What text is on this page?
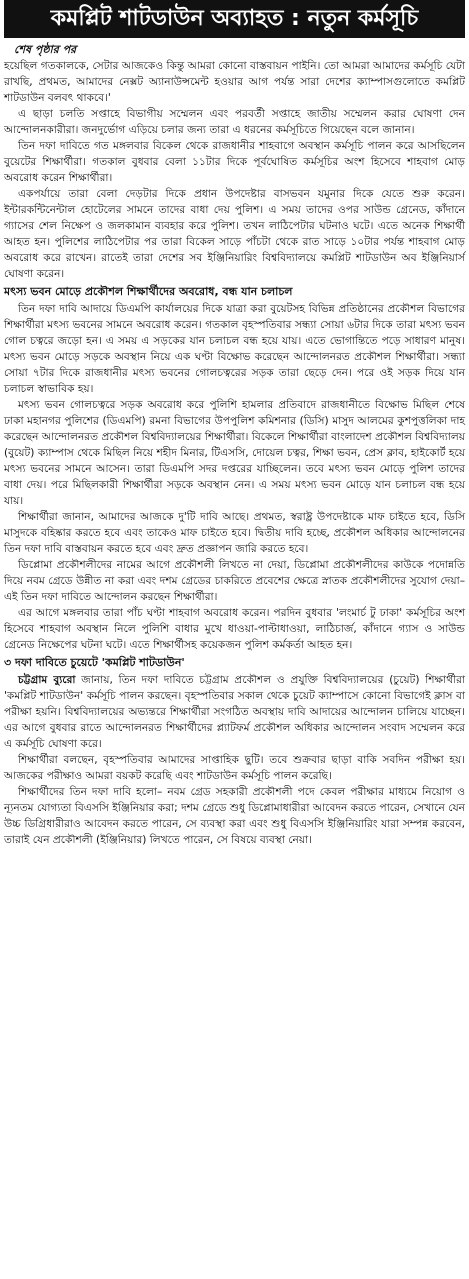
কমপ্লিট শাটডাউন অব্যাহত : নতুন কর্মসূচি
শেষ পৃষ্ঠার পর

হয়েছিল গতকালকে, সেটার আজকেও কিন্তু আমরা কোনো বাস্তবায়ন পাইনি। তো আমরা আমাদের কর্মসূচি যেটা রাখছি, প্রথমত, আমাদের নেক্সট অ্যানাউন্সমেন্ট হওয়ার আগ পর্যন্ত সারা দেশের ক্যাম্পাসগুলোতে কমপ্লিট শাটডাউন বলবৎ থাকবে।'

এ ছাড়া চলতি সপ্তাহে বিভাগীয় সম্মেলন এবং পরবর্তী সপ্তাহে জাতীয় সম্মেলন করার ঘোষণা দেন আন্দোলনকারীরা। জনদুর্ভোগ এড়িয়ে চলার জন্য তারা এ ধরনের কর্মসূচিতে গিয়েছেন বলে জানান।

তিন দফা দাবিতে গত মঙ্গলবার বিকেল থেকে রাজধানীর শাহবাগে অবস্থান কর্মসূচি পালন করে আসছিলেন বুয়েটের শিক্ষার্থীরা। গতকাল বুধবার বেলা ১১টার দিকে পূর্বঘোষিত কর্মসূচির অংশ হিসেবে শাহবাগ মোড় অবরোধ করেন শিক্ষার্থীরা।

একপর্যায়ে তারা বেলা দেড়টার দিকে প্রধান উপদেষ্টার বাসভবন যমুনার দিকে যেতে শুরু করেন। ইন্টারকন্টিনেন্টাল হোটেলের সামনে তাদের বাধা দেয় পুলিশ। এ সময় তাদের ওপর সাউন্ড গ্রেনেড, কাঁদানে গ্যাসের শেল নিক্ষেপ ও জলকামান ব্যবহার করে পুলিশ। তখন লাঠিপেটার ঘটনাও ঘটে। এতে অনেক শিক্ষার্থী আহত হন। পুলিশের লাঠিপেটার পর তারা বিকেল সাড়ে পাঁচটা থেকে রাত সাড়ে ১০টার পর্যন্ত শাহবাগ মোড় অবরোধ করে রাখেন। রাতেই তারা দেশের সব ইঞ্জিনিয়ারিং বিশ্ববিদ্যালয়ে কমপ্লিট শাটডাউন অব ইঞ্জিনিয়ার্স ঘোষণা করেন।

মৎস্য ভবন মোড়ে প্রকৌশল শিক্ষার্থীদের অবরোধ, বন্ধ যান চলাচল

তিন দফা দাবি আদায়ে ডিএমপি কার্যালয়ের দিকে যাত্রা করা বুয়েটসহ বিভিন্ন প্রতিষ্ঠানের প্রকৌশল বিভাগের শিক্ষার্থীরা মৎস্য ভবনের সামনে অবরোধ করেন। গতকাল বৃহস্পতিবার সন্ধ্যা সোয়া ৬টার দিকে তারা মৎস্য ভবন গোল চত্বরে জড়ো হন। এ সময় এ সড়কের যান চলাচল বন্ধ হয়ে যায়। এতে ভোগান্তিতে পড়ে সাধারণ মানুষ। মৎস্য ভবন মোড়ে সড়কে অবস্থান নিয়ে এক ঘণ্টা বিক্ষোভ করেছেন আন্দোলনরত প্রকৌশল শিক্ষার্থীরা। সন্ধ্যা সোয়া ৭টার দিকে রাজধানীর মৎস্য ভবনের গোলচত্বরের সড়ক তারা ছেড়ে দেন। পরে ওই সড়ক দিয়ে যান চলাচল স্বাভাবিক হয়।

মৎস্য ভবন গোলচত্বরে সড়ক অবরোধ করে পুলিশি হামলার প্রতিবাদে রাজধানীতে বিক্ষোভ মিছিল শেষে ঢাকা মহানগর পুলিশের (ডিএমপি) রমনা বিভাগের উপপুলিশ কমিশনার (ডিসি) মাসুদ আলমের কুশপুত্তলিকা দাহ করেছেন আন্দোলনরত প্রকৌশল বিশ্ববিদ্যালয়ের শিক্ষার্থীরা। বিকেলে শিক্ষার্থীরা বাংলাদেশ প্রকৌশল বিশ্ববিদ্যালয় (বুয়েট) ক্যাম্পাস থেকে মিছিল নিয়ে শহীদ মিনার, টিএসসি, দোয়েল চত্বর, শিক্ষা ভবন, প্রেস ক্লাব, হাইকোর্ট হয়ে মৎস্য ভবনের সামনে আসেন। তারা ডিএমপি সদর দপ্তরের যাচ্ছিলেন। তবে মৎস্য ভবন মোড়ে পুলিশ তাদের বাধা দেয়। পরে মিছিলকারী শিক্ষার্থীরা সড়কে অবস্থান নেন। এ সময় মৎস্য ভবন মোড়ে যান চলাচল বন্ধ হয়ে যায়।

শিক্ষার্থীরা জানান, আমাদের আজকে দু'টি দাবি আছে। প্রথমত, স্বরাষ্ট্র উপদেষ্টাকে মাফ চাইতে হবে, ডিসি মাসুদকে বহিষ্কার করতে হবে এবং তাকেও মাফ চাইতে হবে। দ্বিতীয় দাবি হচ্ছে, প্রকৌশল অধিকার আন্দোলনের তিন দফা দাবি বাস্তবায়ন করতে হবে এবং দ্রুত প্রজ্ঞাপন জারি করতে হবে।

ডিপ্লোমা প্রকৌশলীদের নামের আগে প্রকৌশলী লিখতে না দেয়া, ডিপ্লোমা প্রকৌশলীদের কাউকে পদোন্নতি দিয়ে নবম গ্রেডে উন্নীত না করা এবং দশম গ্রেডের চাকরিতে প্রবেশের ক্ষেত্রে স্নাতক প্রকৌশলীদের সুযোগ দেয়া– এই তিন দফা দাবিতে আন্দোলন করছেন শিক্ষার্থীরা।

এর আগে মঙ্গলবার তারা পাঁচ ঘণ্টা শাহবাগ অবরোধ করেন। পরদিন বুধবার 'লংমার্চ টু ঢাকা' কর্মসূচির অংশ হিসেবে শাহবাগ অবস্থান নিলে পুলিশি বাধার মুখে ধাওয়া-পাল্টাধাওয়া, লাঠিচার্জ, কাঁদানে গ্যাস ও সাউন্ড গ্রেনেড নিক্ষেপের ঘটনা ঘটে। এতে শিক্ষার্থীসহ কয়েকজন পুলিশ কর্মকর্তা আহত হন।

৩ দফা দাবিতে চুয়েটে 'কমপ্লিট শাটডাউন'

চট্টগ্রাম ব্যুরো জানায়, তিন দফা দাবিতে চট্টগ্রাম প্রকৌশল ও প্রযুক্তি বিশ্ববিদ্যালয়ের (চুয়েট) শিক্ষার্থীরা 'কমপ্লিট শাটডাউন' কর্মসূচি পালন করছেন। বৃহস্পতিবার সকাল থেকে চুয়েট ক্যাম্পাসে কোনো বিভাগেই ক্লাস বা পরীক্ষা হয়নি। বিশ্ববিদ্যালয়ের অভ্যন্তরে শিক্ষার্থীরা সংগঠিত অবস্থায় দাবি আদায়ের আন্দোলন চালিয়ে যাচ্ছেন। এর আগে বুধবার রাতে আন্দোলনরত শিক্ষার্থীদের প্ল্যাটফর্ম প্রকৌশল অধিকার আন্দোলন সংবাদ সম্মেলন করে এ কর্মসূচি ঘোষণা করে।

শিক্ষার্থীরা বলছেন, বৃহস্পতিবার আমাদের সাপ্তাহিক ছুটি। তবে শুক্রবার ছাড়া বাকি সবদিন পরীক্ষা হয়। আজকের পরীক্ষাও আমরা বয়কট করেছি এবং শাটডাউন কর্মসূচি পালন করেছি।

শিক্ষার্থীদের তিন দফা দাবি হলো– নবম গ্রেড সহকারী প্রকৌশলী পদে কেবল পরীক্ষার মাধ্যমে নিয়োগ ও ন্যূনতম যোগ্যতা বিএসসি ইঞ্জিনিয়ার করা; দশম গ্রেডে শুধু ডিপ্লোমাধারীরা আবেদন করতে পারেন, সেখানে যেন উচ্চ ডিগ্রিধারীরাও আবেদন করতে পারেন, সে ব্যবস্থা করা এবং শুধু বিএসসি ইঞ্জিনিয়ারিং যারা সম্পন্ন করবেন, তারাই যেন প্রকৌশলী (ইঞ্জিনিয়ার) লিখতে পারেন, সে বিষয়ে ব্যবস্থা নেয়া।
